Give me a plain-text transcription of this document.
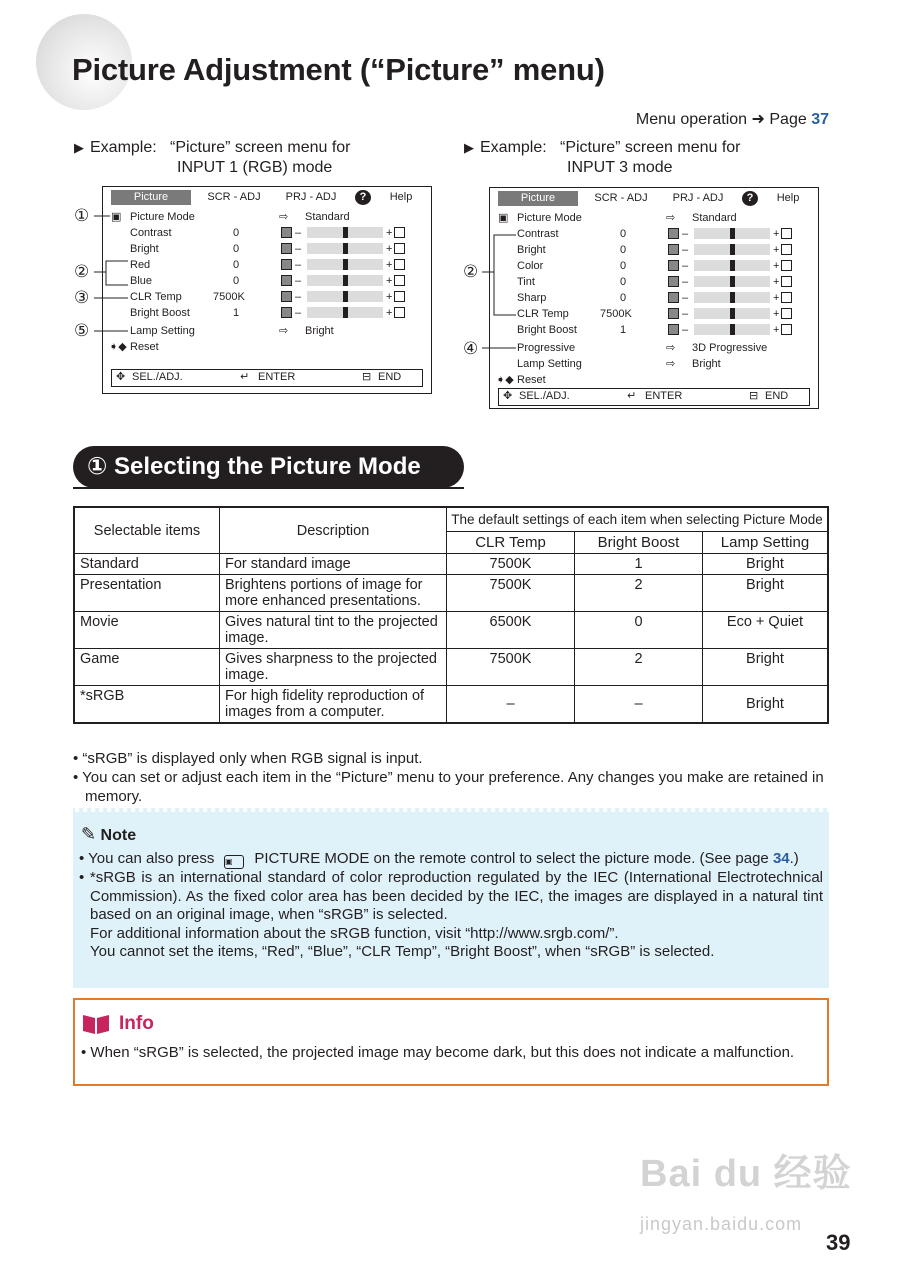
Picture Adjustment (“Picture” menu)
Menu operation ➜ Page 37
▶ Example: “Picture” screen menu for
INPUT 1 (RGB) mode
▶ Example: “Picture” screen menu for
INPUT 3 mode
Picture	SCR - ADJ	PRJ - ADJ	?	Help
▣ Picture Mode	⇨ Standard
Contrast	0	–	+
Bright	0	–	+
Red	0	–	+
Blue	0	–	+
CLR Temp	7500K	–	+
Bright Boost	1	–	+
Lamp Setting	⇨ Bright
➧◆ Reset
✥ SEL./ADJ.	↵ ENTER	⊟ END
①
②
③
⑤
Picture	SCR - ADJ	PRJ - ADJ	?	Help
▣ Picture Mode	⇨ Standard
Contrast	0	–	+
Bright	0	–	+
Color	0	–	+
Tint	0	–	+
Sharp	0	–	+
CLR Temp	7500K	–	+
Bright Boost	1	–	+
Progressive	⇨ 3D Progressive
Lamp Setting	⇨ Bright
➧◆ Reset
✥ SEL./ADJ.	↵ ENTER	⊟ END
②
④
① Selecting the Picture Mode
Selectable items	Description	The default settings of each item when selecting Picture Mode		
		CLR Temp	Bright Boost	Lamp Setting
Standard	For standard image	7500K	1	Bright
Presentation	Brightens portions of image for more enhanced presentations.	7500K	2	Bright
Movie	Gives natural tint to the projected image.	6500K	0	Eco + Quiet
Game	Gives sharpness to the projected image.	7500K	2	Bright
*sRGB	For high fidelity reproduction of images from a computer.	–	–	Bright
• “sRGB” is displayed only when RGB signal is input.
• You can set or adjust each item in the “Picture” menu to your preference. Any changes you make are retained in memory.
✎ Note
• You can also press ▣ PICTURE MODE on the remote control to select the picture mode. (See page 34.)
• *sRGB is an international standard of color reproduction regulated by the IEC (International Electrotechnical Commission). As the fixed color area has been decided by the IEC, the images are displayed in a natural tint based on an original image, when “sRGB” is selected.
For additional information about the sRGB function, visit “http://www.srgb.com/”.
You cannot set the items, “Red”, “Blue”, “CLR Temp”, “Bright Boost”, when “sRGB” is selected.
Info
• When “sRGB” is selected, the projected image may become dark, but this does not indicate a malfunction.
Bai du 经验
jingyan.baidu.com
39
